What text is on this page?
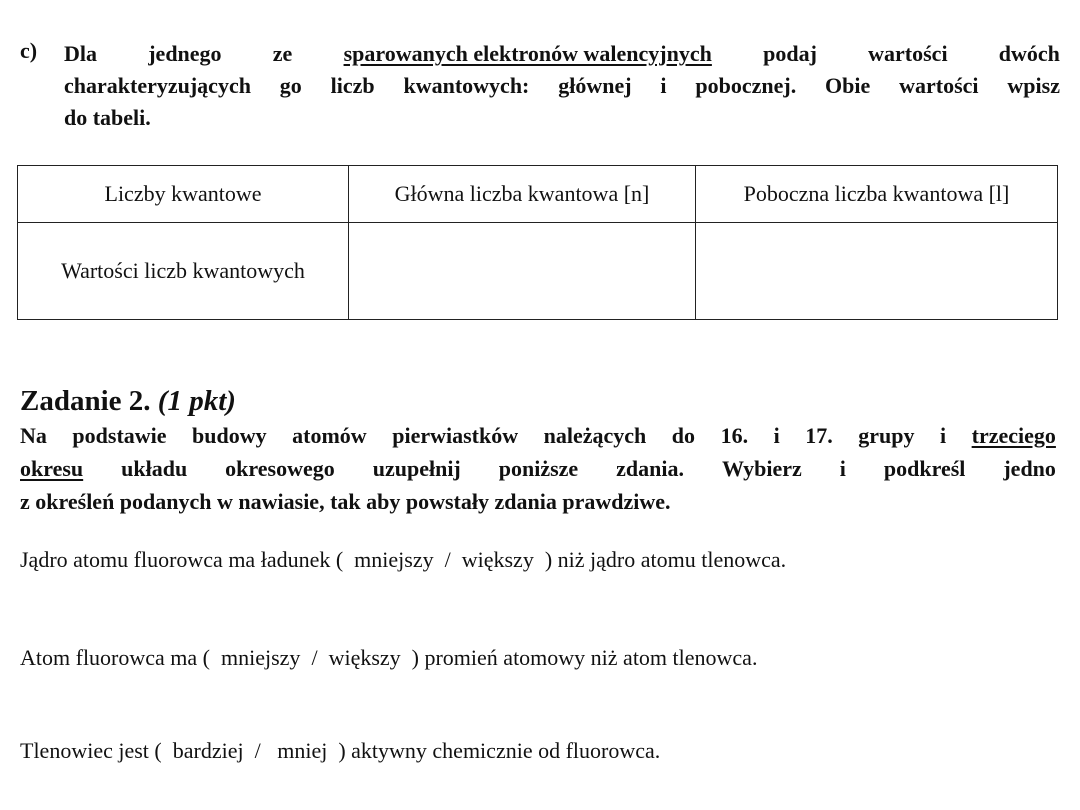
c) Dla jednego ze sparowanych elektronów walencyjnych podaj wartości dwóch
charakteryzujących go liczb kwantowych: głównej i pobocznej. Obie wartości wpisz
do tabeli.
Liczby kwantowe	Główna liczba kwantowa [n]	Poboczna liczba kwantowa [l]
Wartości liczb kwantowych		
Zadanie 2. (1 pkt)
Na podstawie budowy atomów pierwiastków należących do 16. i 17. grupy i trzeciego
okresu układu okresowego uzupełnij poniższe zdania. Wybierz i podkreśl jedno
z określeń podanych w nawiasie, tak aby powstały zdania prawdziwe.
Jądro atomu fluorowca ma ładunek (  mniejszy  /  większy  ) niż jądro atomu tlenowca.
Atom fluorowca ma (  mniejszy  /  większy  ) promień atomowy niż atom tlenowca.
Tlenowiec jest (  bardziej  /   mniej  ) aktywny chemicznie od fluorowca.
